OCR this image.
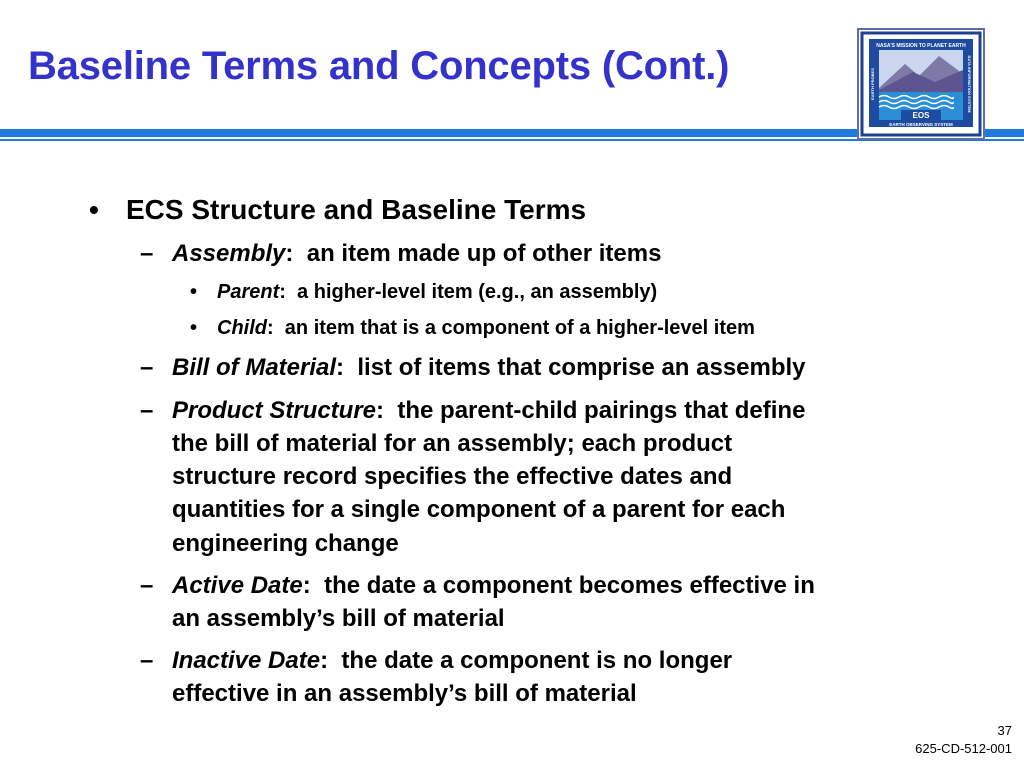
Baseline Terms and Concepts (Cont.)	NASA'S MISSION TO PLANET EARTH
EOS
EARTH OBSERVING SYSTEM
EARTH PROBES	DATA INFORMATION SYSTEM
• ECS Structure and Baseline Terms
– Assembly: an item made up of other items
• Parent: a higher-level item (e.g., an assembly)
• Child: an item that is a component of a higher-level item
– Bill of Material: list of items that comprise an assembly
– Product Structure: the parent-child pairings that define
the bill of material for an assembly; each product
structure record specifies the effective dates and
quantities for a single component of a parent for each
engineering change
– Active Date: the date a component becomes effective in
an assembly’s bill of material
– Inactive Date: the date a component is no longer
effective in an assembly’s bill of material
37
625-CD-512-001
